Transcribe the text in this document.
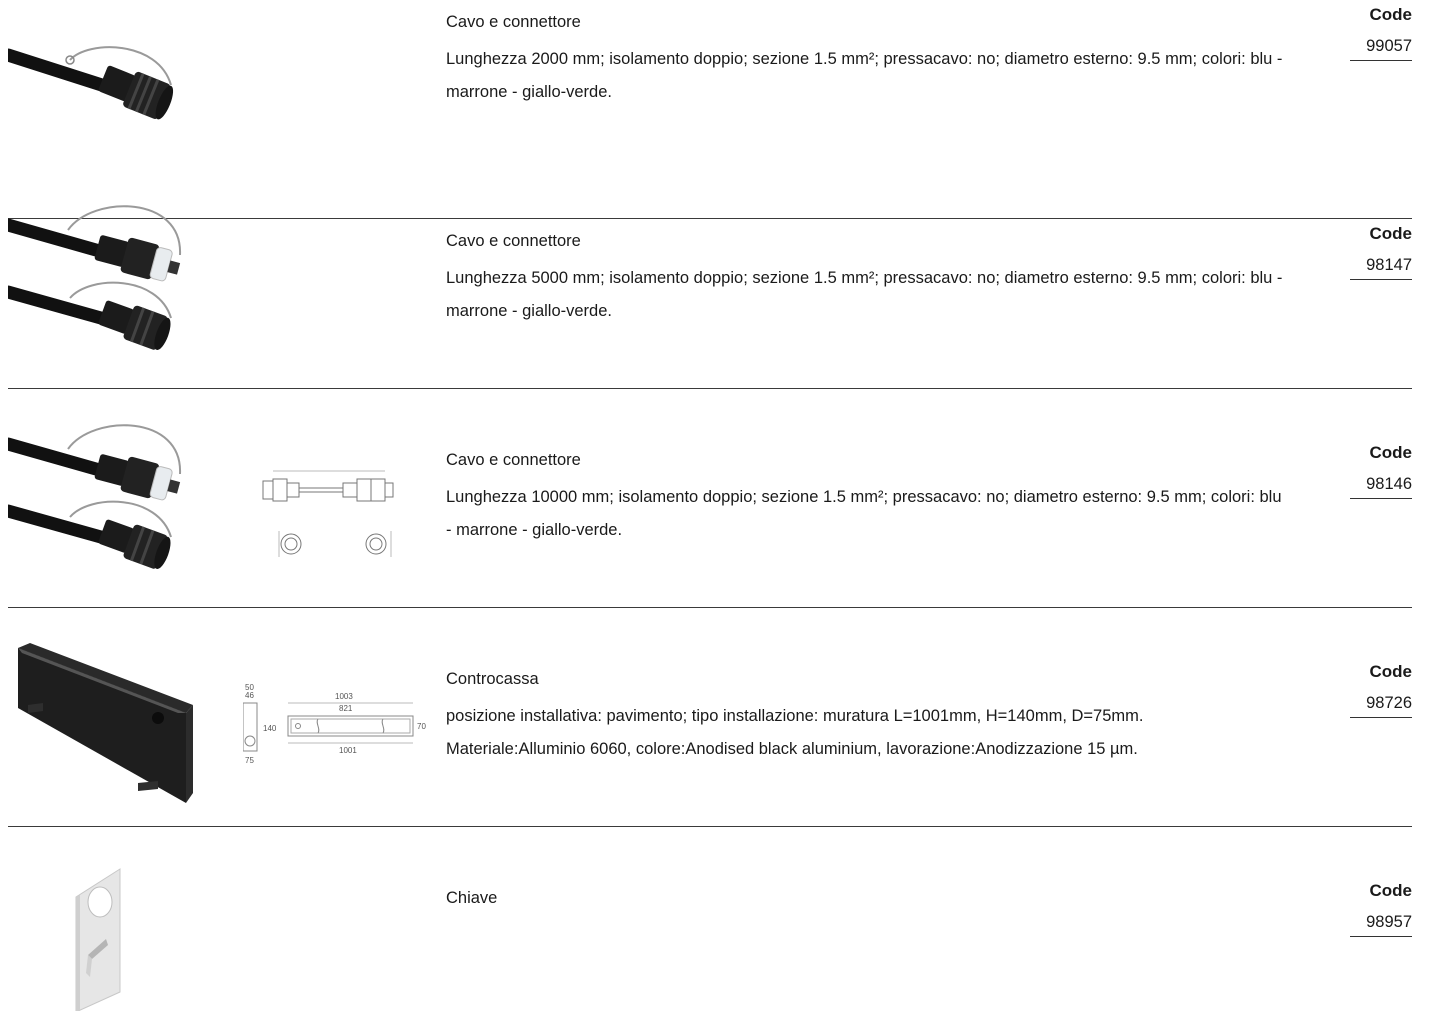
Cavo e connettore
Lunghezza 2000 mm; isolamento doppio; sezione 1.5 mm²; pressacavo: no; diametro esterno: 9.5 mm; colori: blu - marrone - giallo-verde.
Code
99057
Cavo e connettore
Lunghezza 5000 mm; isolamento doppio; sezione 1.5 mm²; pressacavo: no; diametro esterno: 9.5 mm; colori: blu - marrone - giallo-verde.
Code
98147
Cavo e connettore
Lunghezza 10000 mm; isolamento doppio; sezione 1.5 mm²; pressacavo: no; diametro esterno: 9.5 mm; colori: blu - marrone - giallo-verde.
Code
98146
50
46
140
75
1003
821
70
1001
Controcassa
posizione installativa: pavimento; tipo installazione: muratura L=1001mm, H=140mm, D=75mm. Materiale:Alluminio 6060, colore:Anodised black aluminium, lavorazione:Anodizzazione 15 µm.
Code
98726
Chiave	Code
98957
